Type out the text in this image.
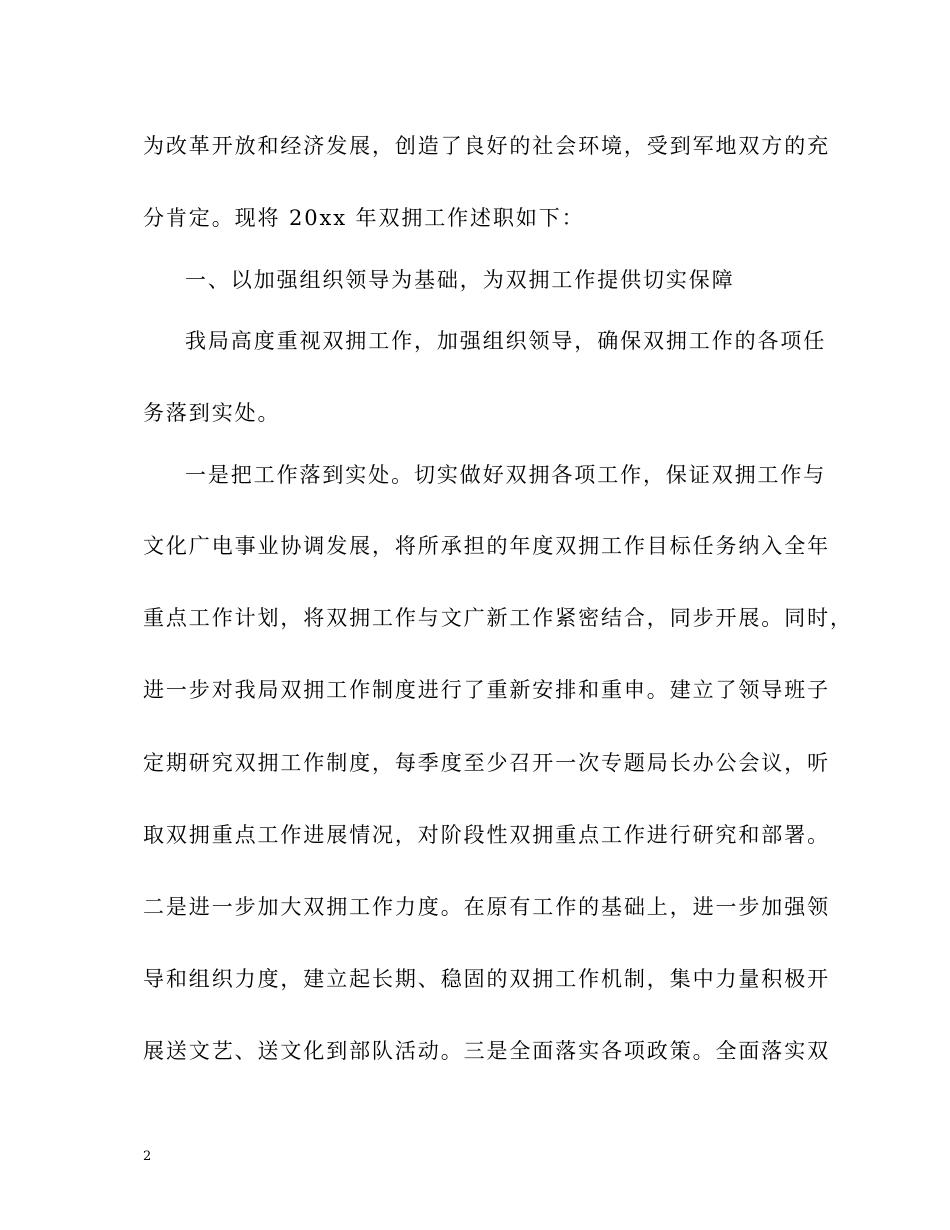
为改革开放和经济发展，创造了良好的社会环境，受到军地双方的充
分肯定。现将 20xx 年双拥工作述职如下：
一、以加强组织领导为基础，为双拥工作提供切实保障
我局高度重视双拥工作，加强组织领导，确保双拥工作的各项任
务落到实处。
一是把工作落到实处。切实做好双拥各项工作，保证双拥工作与
文化广电事业协调发展，将所承担的年度双拥工作目标任务纳入全年
重点工作计划，将双拥工作与文广新工作紧密结合，同步开展。同时，
进一步对我局双拥工作制度进行了重新安排和重申。建立了领导班子
定期研究双拥工作制度，每季度至少召开一次专题局长办公会议，听
取双拥重点工作进展情况，对阶段性双拥重点工作进行研究和部署。
二是进一步加大双拥工作力度。在原有工作的基础上，进一步加强领
导和组织力度，建立起长期、稳固的双拥工作机制，集中力量积极开
展送文艺、送文化到部队活动。三是全面落实各项政策。全面落实双
2
